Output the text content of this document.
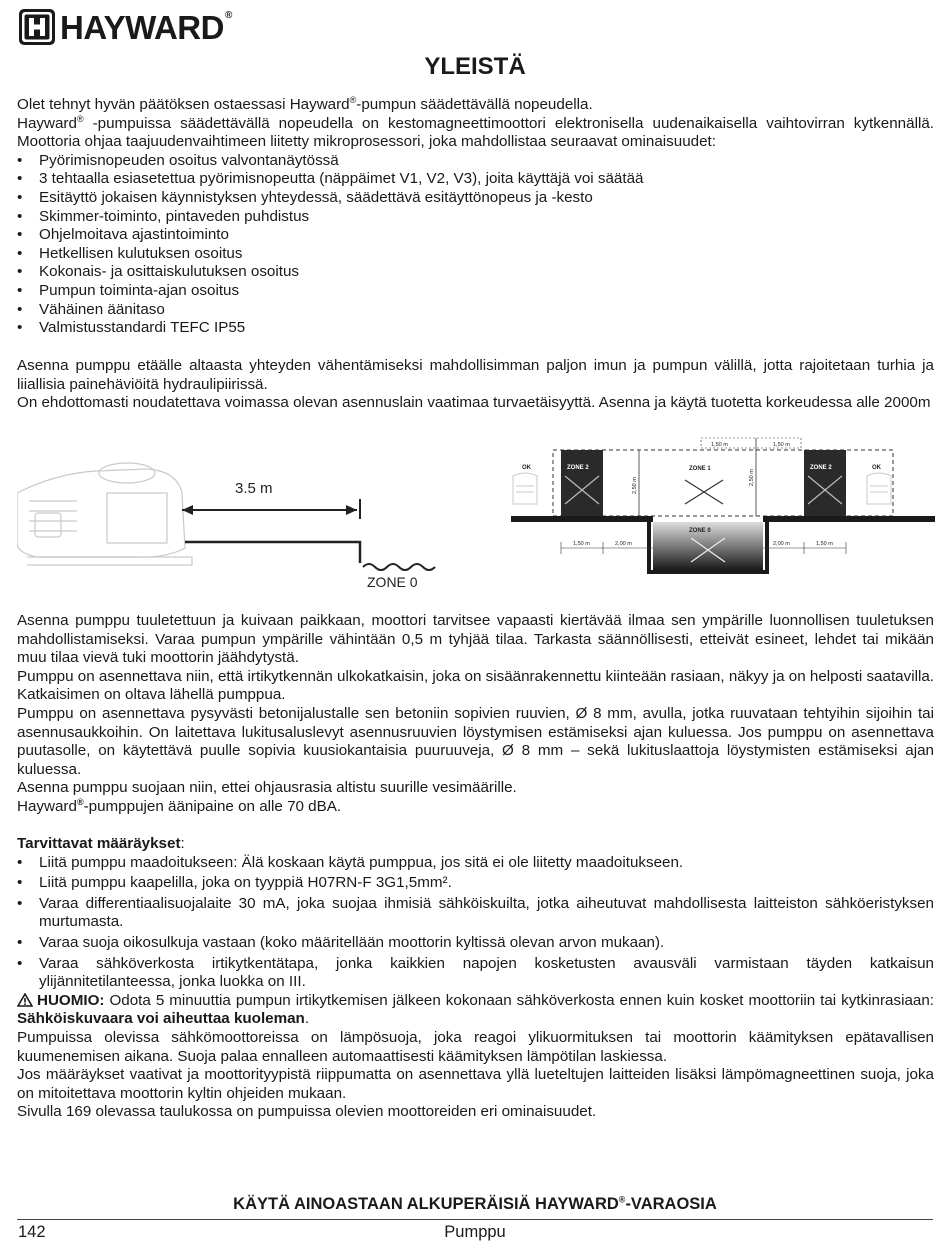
HAYWARD®
YLEISTÄ

Olet tehnyt hyvän päätöksen ostaessasi Hayward®-pumpun säädettävällä nopeudella.

Hayward® -pumpuissa säädettävällä nopeudella on kestomagneettimoottori elektronisella uudenaikaisella vaihtovirran kytkennällä. Moottoria ohjaa taajuudenvaihtimeen liitetty mikroprosessori, joka mahdollistaa seuraavat ominaisuudet:

• Pyörimisnopeuden osoitus valvontanäytössä
• 3 tehtaalla esiasetettua pyörimisnopeutta (näppäimet V1, V2, V3), joita käyttäjä voi säätää
• Esitäyttö jokaisen käynnistyksen yhteydessä, säädettävä esitäyttönopeus ja -kesto
• Skimmer-toiminto, pintaveden puhdistus
• Ohjelmoitava ajastintoiminto
• Hetkellisen kulutuksen osoitus
• Kokonais- ja osittaiskulutuksen osoitus
• Pumpun toiminta-ajan osoitus
• Vähäinen äänitaso
• Valmistusstandardi TEFC IP55

Asenna pumppu etäälle altaasta yhteyden vähentämiseksi mahdollisimman paljon imun ja pumpun välillä, jotta rajoitetaan turhia ja liiallisia painehäviöitä hydraulipiirissä.

On ehdottomasti noudatettava voimassa olevan asennuslain vaatimaa turvaetäisyyttä. Asenna ja käytä tuotetta korkeudessa alle 2000m

3.5 m
ZONE 0
ZONE 2	ZONE 2
ZONE 1
ZONE 0
OK	OK
2,50 m	2,50 m
1,50 m	1,50 m
1,50 m	2,00 m	2,00 m	1,50 m

Asenna pumppu tuuletettuun ja kuivaan paikkaan, moottori tarvitsee vapaasti kiertävää ilmaa sen ympärille luonnollisen tuuletuksen mahdollistamiseksi. Varaa pumpun ympärille vähintään 0,5 m tyhjää tilaa. Tarkasta säännöllisesti, etteivät esineet, lehdet tai mikään muu tilaa vievä tuki moottorin jäähdytystä.

Pumppu on asennettava niin, että irtikytkennän ulkokatkaisin, joka on sisäänrakennettu kiinteään rasiaan, näkyy ja on helposti saatavilla. Katkaisimen on oltava lähellä pumppua.

Pumppu on asennettava pysyvästi betonijalustalle sen betoniin sopivien ruuvien, Ø 8 mm, avulla, jotka ruuvataan tehtyihin sijoihin tai asennusaukkoihin. On laitettava lukitusaluslevyt asennusruuvien löystymisen estämiseksi ajan kuluessa. Jos pumppu on asennettava puutasolle, on käytettävä puulle sopivia kuusiokantaisia puuruuveja, Ø 8 mm – sekä lukituslaattoja löystymisten estämiseksi ajan kuluessa.

Asenna pumppu suojaan niin, ettei ohjausrasia altistu suurille vesimäärille.

Hayward®-pumppujen äänipaine on alle 70 dBA.

Tarvittavat määräykset:

• Liitä pumppu maadoitukseen: Älä koskaan käytä pumppua, jos sitä ei ole liitetty maadoitukseen.
• Liitä pumppu kaapelilla, joka on tyyppiä H07RN-F 3G1,5mm².
• Varaa differentiaalisuojalaite 30 mA, joka suojaa ihmisiä sähköiskuilta, jotka aiheutuvat mahdollisesta laitteiston sähköeristyksen murtumasta.
• Varaa suoja oikosulkuja vastaan (koko määritellään moottorin kyltissä olevan arvon mukaan).
• Varaa sähköverkosta irtikytkentätapa, jonka kaikkien napojen kosketusten avausväli varmistaan täyden katkaisun ylijännitetilanteessa, jonka luokka on III.

HUOMIO: Odota 5 minuuttia pumpun irtikytkemisen jälkeen kokonaan sähköverkosta ennen kuin kosket moottoriin tai kytkinrasiaan: Sähköiskuvaara voi aiheuttaa kuoleman.

Pumpuissa olevissa sähkömoottoreissa on lämpösuoja, joka reagoi ylikuormituksen tai moottorin käämityksen epätavallisen kuumenemisen aikana. Suoja palaa ennalleen automaattisesti käämityksen lämpötilan laskiessa.

Jos määräykset vaativat ja moottorityypistä riippumatta on asennettava yllä lueteltujen laitteiden lisäksi lämpömagneettinen suoja, joka on mitoitettava moottorin kyltin ohjeiden mukaan.

Sivulla 169 olevassa taulukossa on pumpuissa olevien moottoreiden eri ominaisuudet.

KÄYTÄ AINOASTAAN ALKUPERÄISIÄ HAYWARD®-VARAOSIA
142	Pumppu
